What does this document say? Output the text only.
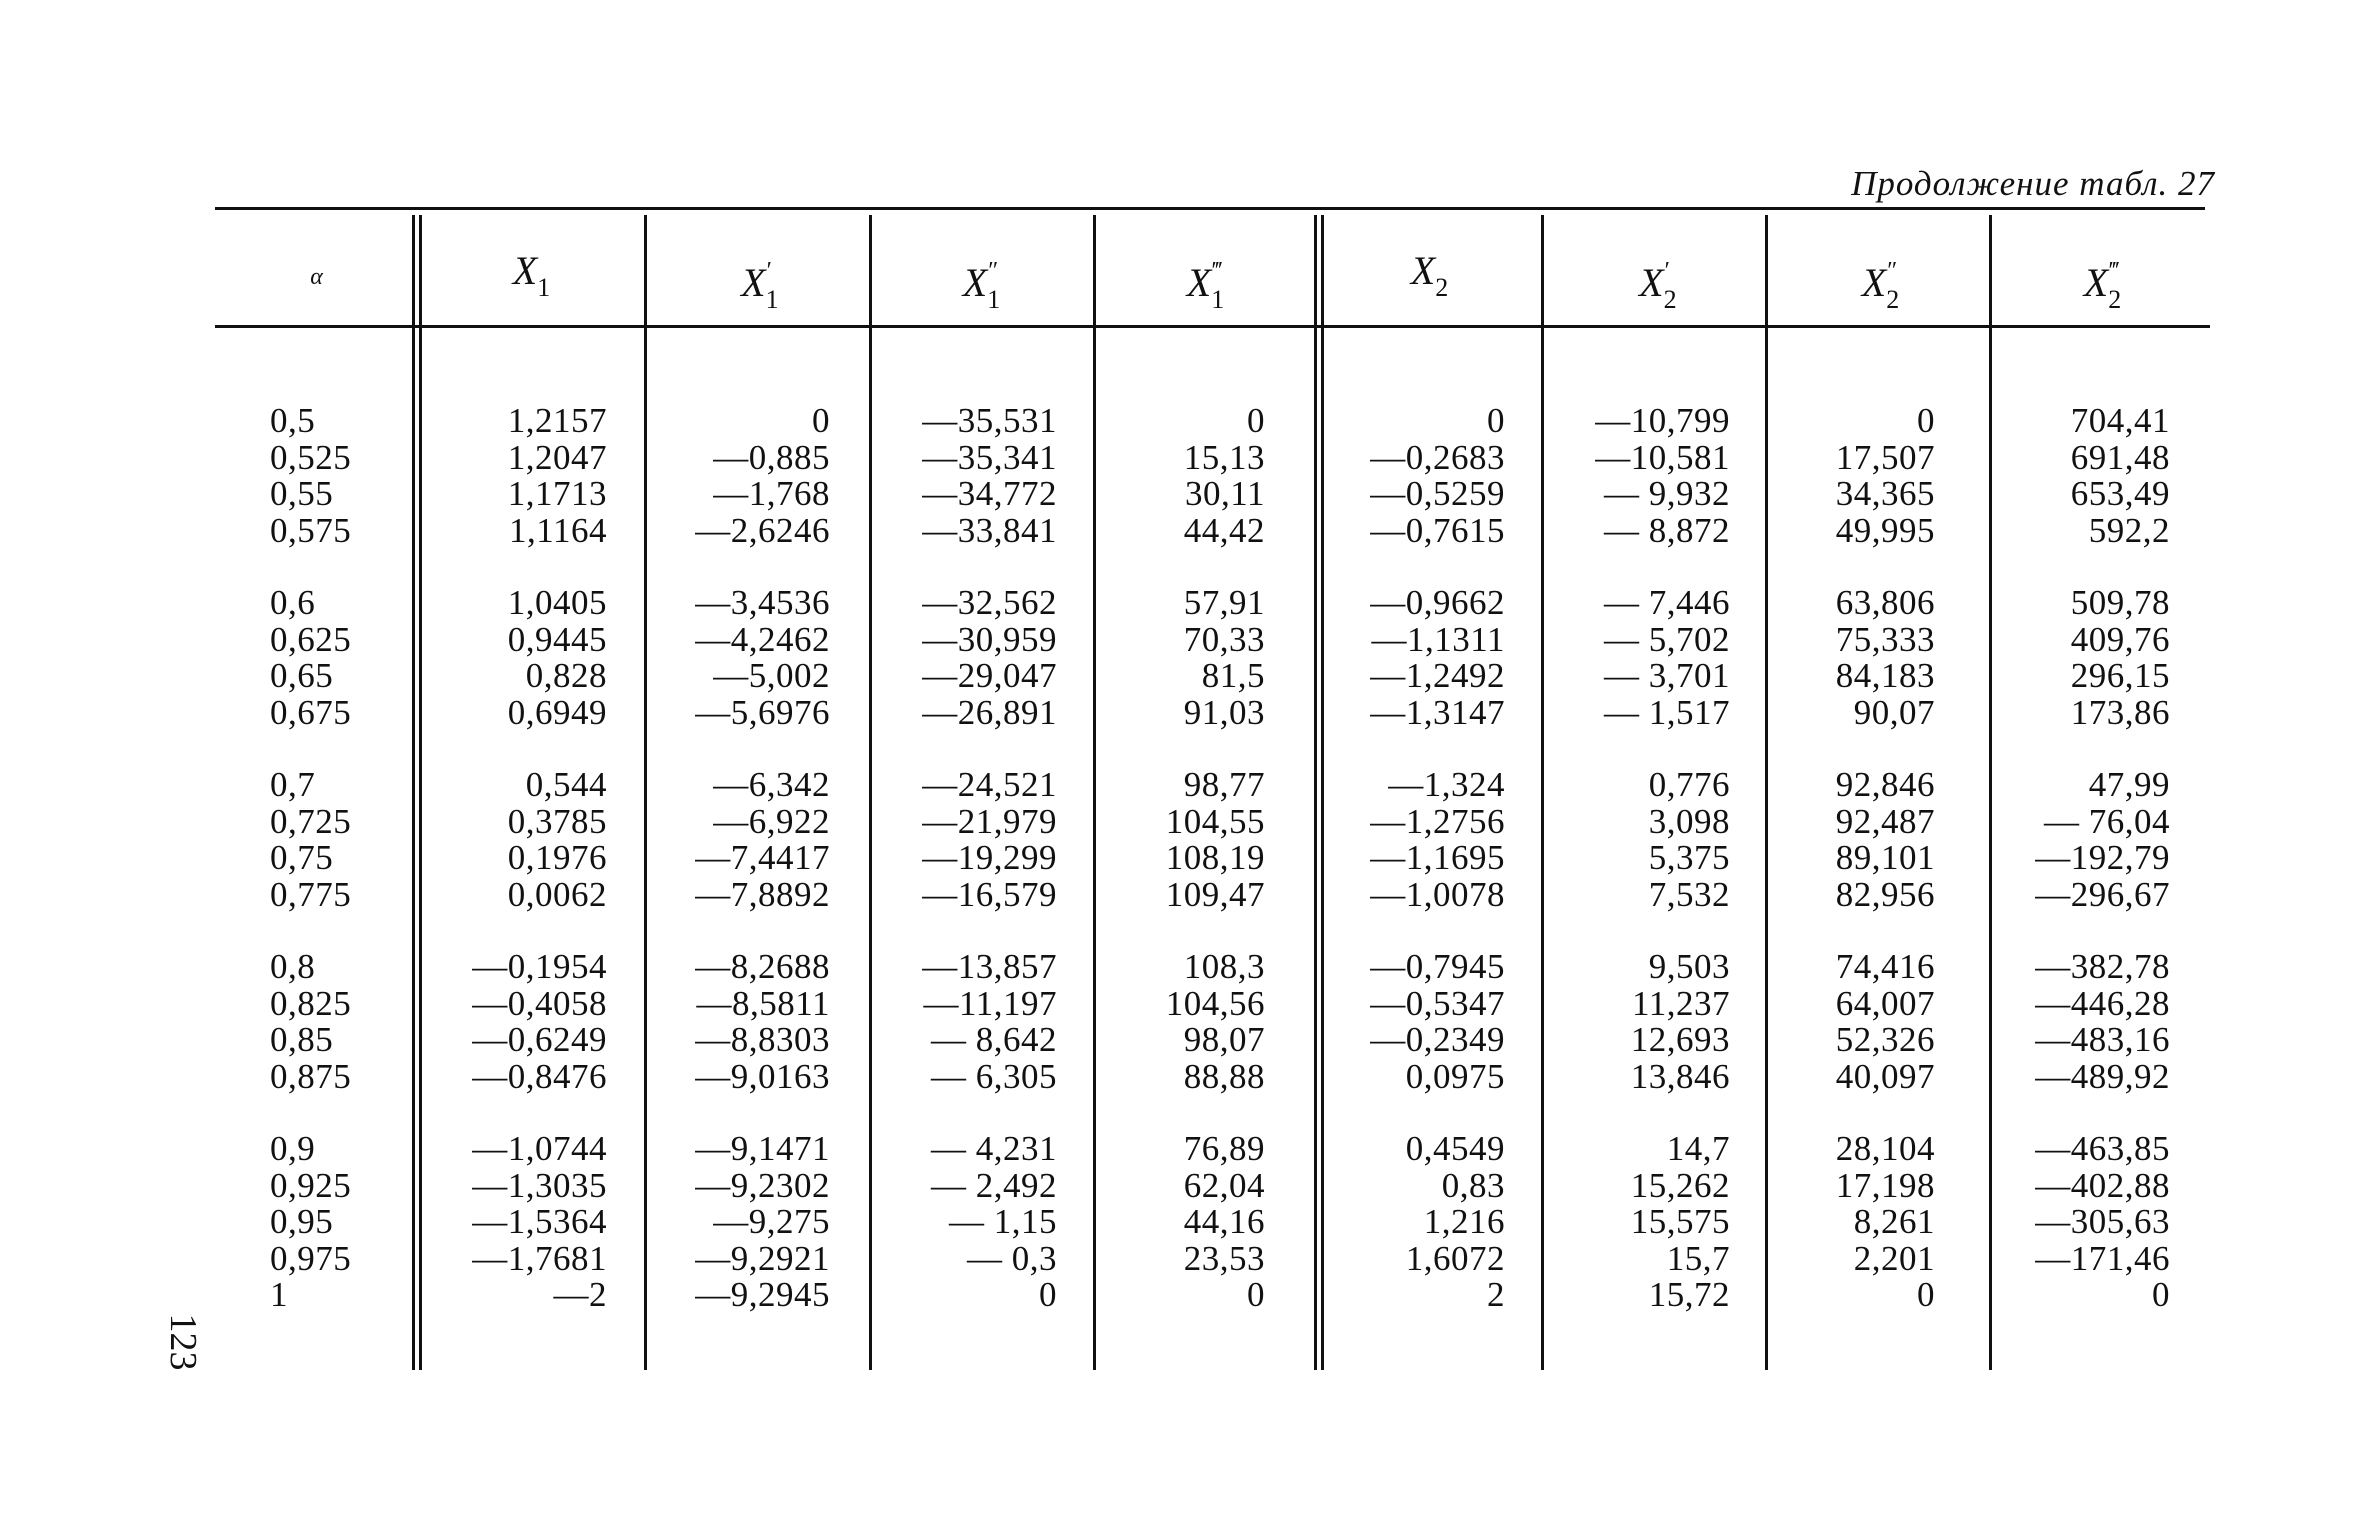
Продолжение табл. 27
α	$X_1$	$X_1'$	$X_1''$	$X_1^‴$	$X_2$	$X_2'$	$X_2''$	$X_2^‴$
0,5	1,2157	0	—35,531	0	0	—10,799	0	704,41
0,525	1,2047	—0,885	—35,341	15,13	—0,2683	—10,581	17,507	691,48
0,55	1,1713	—1,768	—34,772	30,11	—0,5259	— 9,932	34,365	653,49
0,575	1,1164	—2,6246	—33,841	44,42	—0,7615	— 8,872	49,995	592,2
0,6	1,0405	—3,4536	—32,562	57,91	—0,9662	— 7,446	63,806	509,78
0,625	0,9445	—4,2462	—30,959	70,33	—1,1311	— 5,702	75,333	409,76
0,65	0,828	—5,002	—29,047	81,5	—1,2492	— 3,701	84,183	296,15
0,675	0,6949	—5,6976	—26,891	91,03	—1,3147	— 1,517	90,07	173,86
0,7	0,544	—6,342	—24,521	98,77	—1,324	0,776	92,846	47,99
0,725	0,3785	—6,922	—21,979	104,55	—1,2756	3,098	92,487	— 76,04
0,75	0,1976	—7,4417	—19,299	108,19	—1,1695	5,375	89,101	—192,79
0,775	0,0062	—7,8892	—16,579	109,47	—1,0078	7,532	82,956	—296,67
0,8	—0,1954	—8,2688	—13,857	108,3	—0,7945	9,503	74,416	—382,78
0,825	—0,4058	—8,5811	—11,197	104,56	—0,5347	11,237	64,007	—446,28
0,85	—0,6249	—8,8303	— 8,642	98,07	—0,2349	12,693	52,326	—483,16
0,875	—0,8476	—9,0163	— 6,305	88,88	0,0975	13,846	40,097	—489,92
0,9	—1,0744	—9,1471	— 4,231	76,89	0,4549	14,7	28,104	—463,85
0,925	—1,3035	—9,2302	— 2,492	62,04	0,83	15,262	17,198	—402,88
0,95	—1,5364	—9,275	— 1,15	44,16	1,216	15,575	8,261	—305,63
0,975	—1,7681	—9,2921	— 0,3	23,53	1,6072	15,7	2,201	—171,46
1	—2	—9,2945	0	0	2	15,72	0	0
123
